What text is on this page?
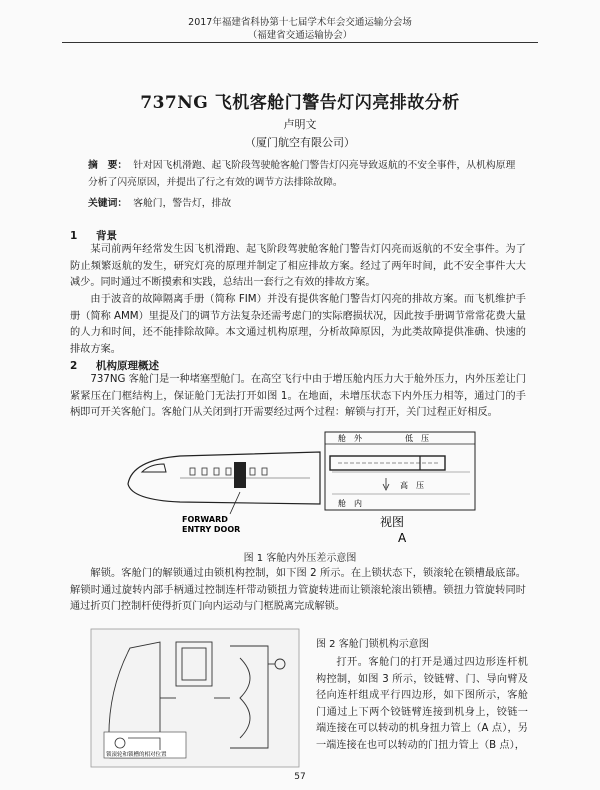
2017年福建省科协第十七届学术年会交通运输分会场
（福建省交通运输协会）
737NG 飞机客舱门警告灯闪亮排故分析
卢明文
（厦门航空有限公司）
摘　要： 针对因飞机滑跑、起飞阶段驾驶舱客舱门警告灯闪亮导致返航的不安全事件，从机构原理分析了闪亮原因，并提出了行之有效的调节方法排除故障。
关键词： 客舱门，警告灯，排故
1 背景
某司前两年经常发生因飞机滑跑、起飞阶段驾驶舱客舱门警告灯闪亮而返航的不安全事件。为了防止频繁返航的发生，研究灯亮的原理并制定了相应排故方案。经过了两年时间，此不安全事件大大减少。同时通过不断摸索和实践，总结出一套行之有效的排故方案。
由于波音的故障隔离手册（简称 FIM）并没有提供客舱门警告灯闪亮的排故方案。而飞机维护手册（简称 AMM）里提及门的调节方法复杂还需考虑门的实际磨损状况，因此按手册调节常常花费大量的人力和时间，还不能排除故障。本文通过机构原理，分析故障原因，为此类故障提供准确、快速的排故方案。
2 机构原理概述
737NG 客舱门是一种堵塞型舱门。在高空飞行中由于增压舱内压力大于舱外压力，内外压差让门紧紧压在门框结构上，保证舱门无法打开如图 1。在地面，未增压状态下内外压力相等，通过门的手柄即可开关客舱门。客舱门从关闭到打开需要经过两个过程：解锁与打开，关门过程正好相反。
FORWARD
ENTRY DOOR
舱　外	低　压
舱　内
高　压
视图
A
图 1 客舱内外压差示意图
解锁。客舱门的解锁通过由锁机构控制，如下图 2 所示。在上锁状态下，锁滚轮在锁槽最底部。解锁时通过旋转内部手柄通过控制连杆带动锁扭力管旋转进而让锁滚轮滚出锁槽。锁扭力管旋转同时通过折页门控制杆使得折页门向内运动与门框脱离完成解锁。
锁滚轮和锁槽的相对位置
图 2 客舱门锁机构示意图
打开。客舱门的打开是通过四边形连杆机构控制，如图 3 所示，铰链臂、门、导向臂及径向连杆组成平行四边形，如下图所示，客舱门通过上下两个铰链臂连接到机身上，铰链一端连接在可以转动的机身扭力管上（A 点），另一端连接在也可以转动的门扭力管上（B 点），
57
